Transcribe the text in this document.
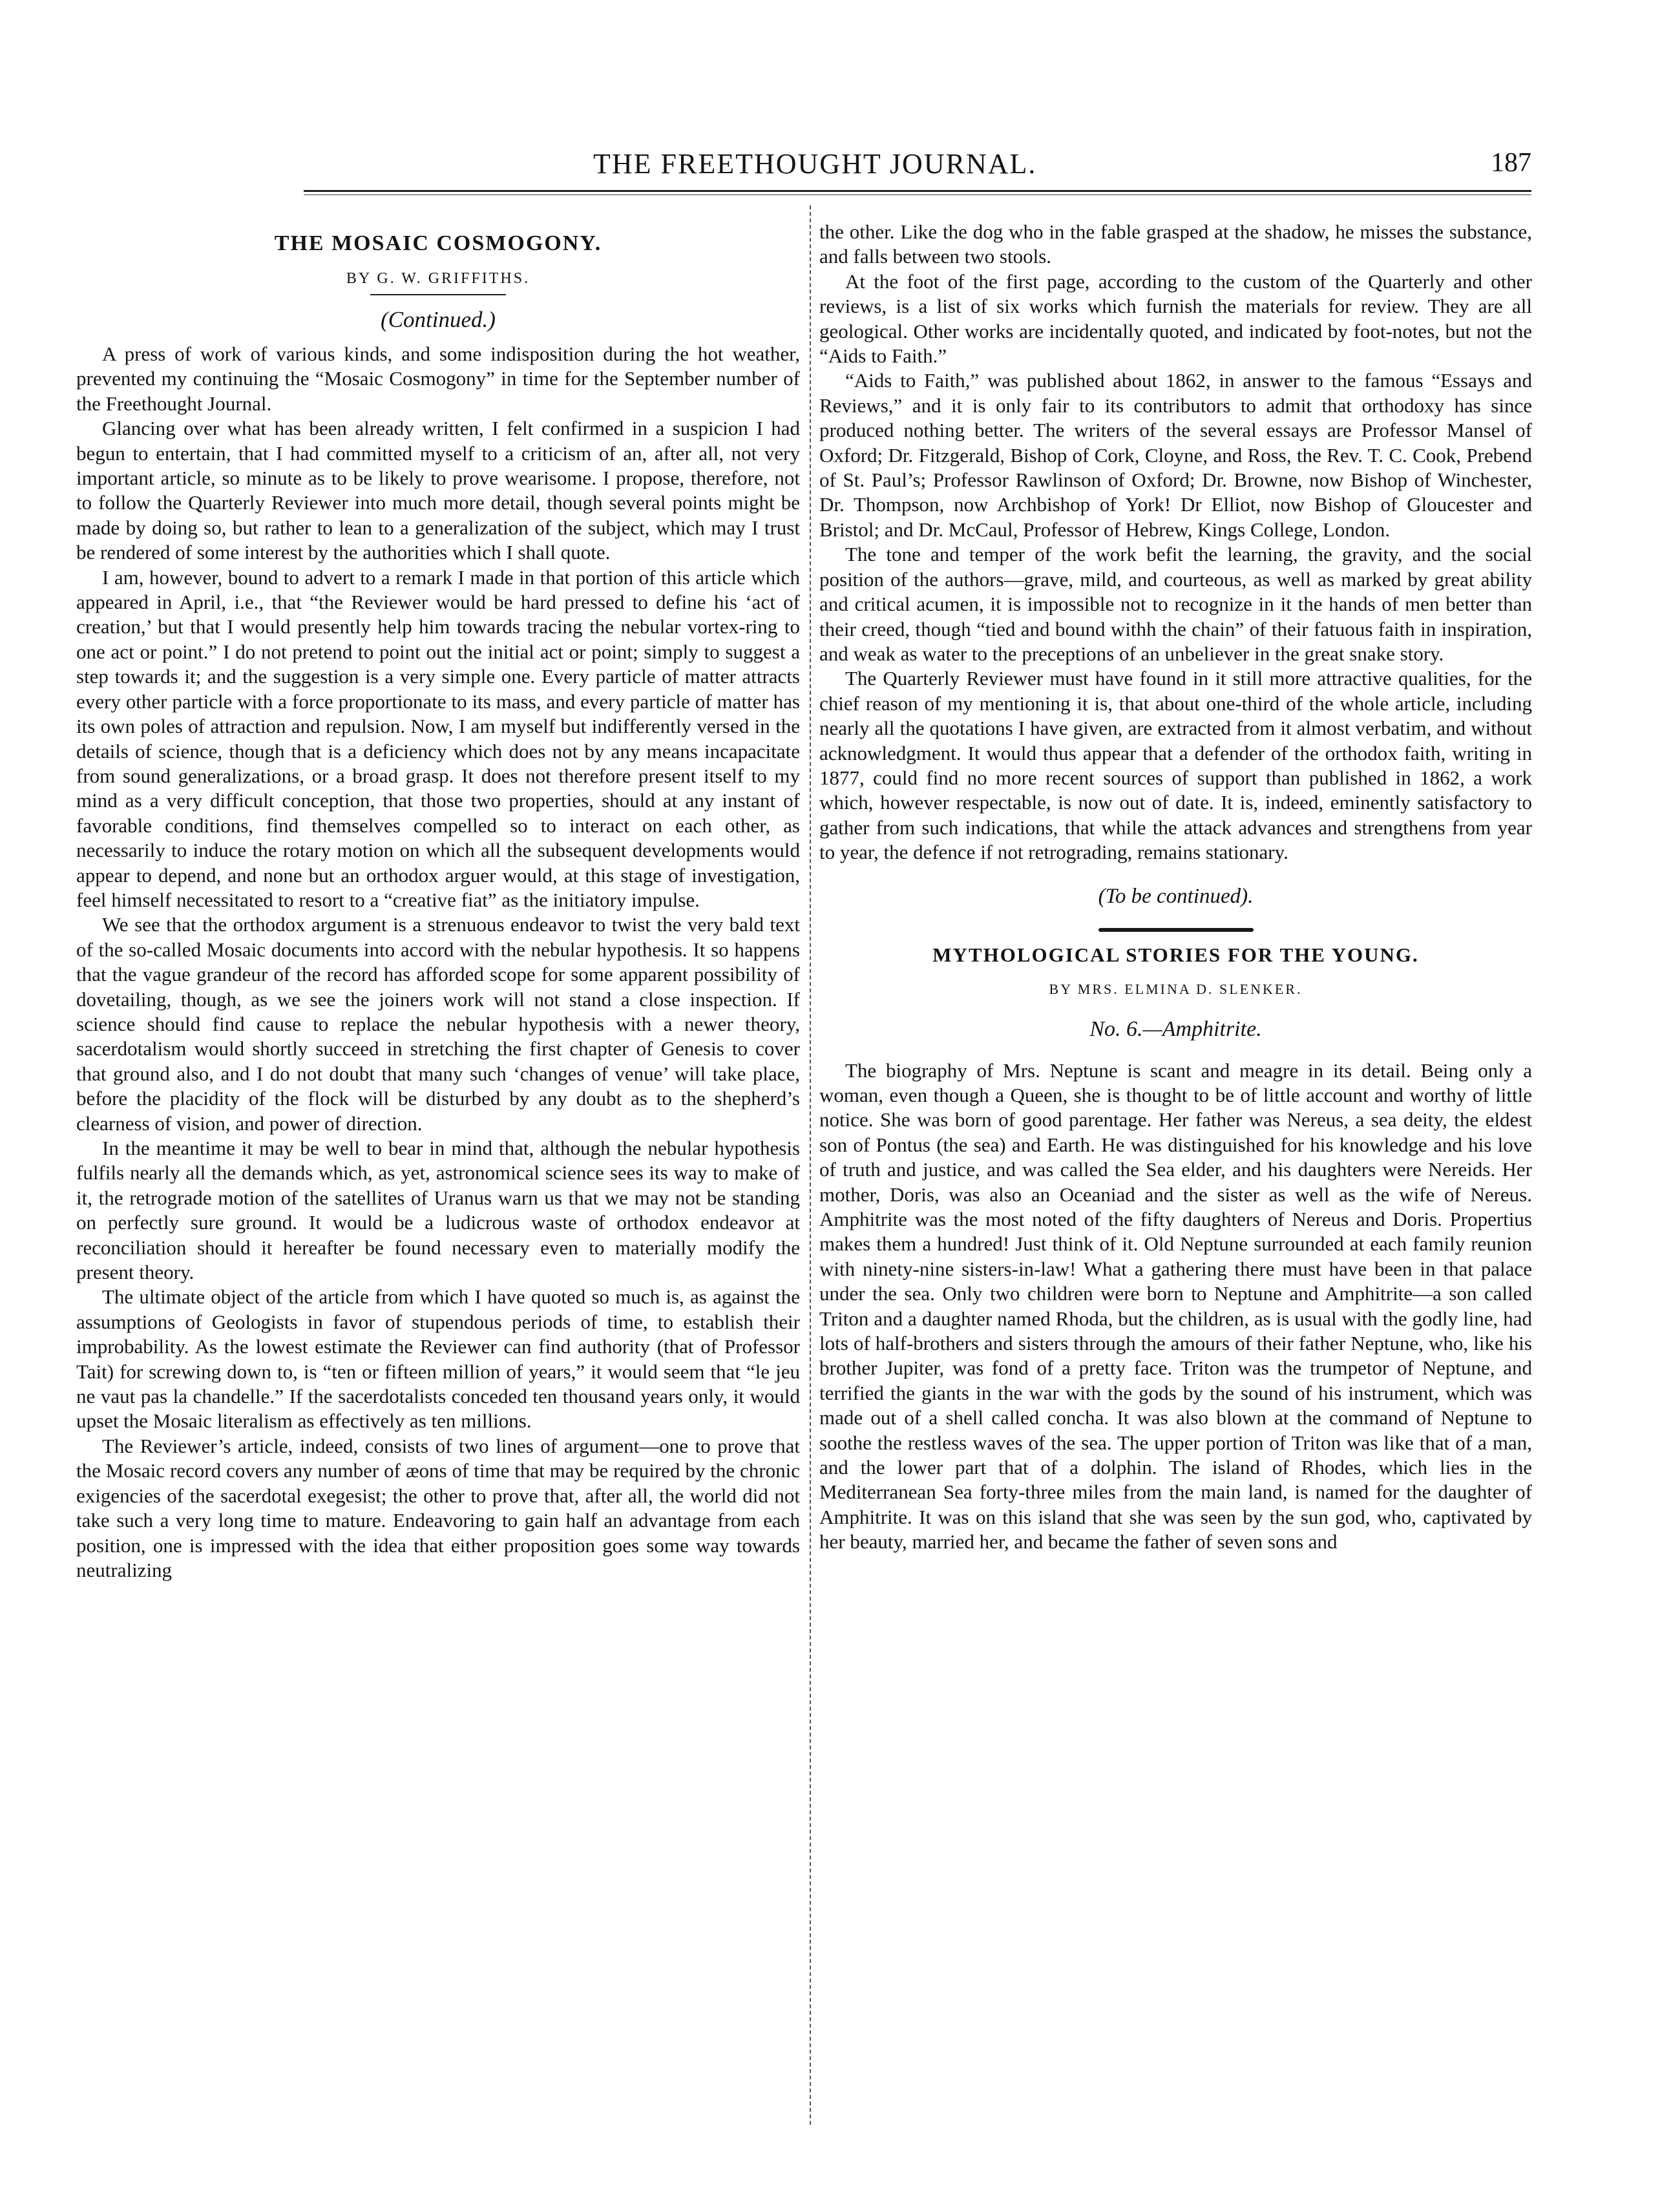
THE FREETHOUGHT JOURNAL.	187
THE MOSAIC COSMOGONY.
BY G. W. GRIFFITHS.
(Continued.)

A press of work of various kinds, and some indisposition during the hot weather, prevented my continuing the “Mosaic Cosmogony” in time for the September number of the Freethought Journal.

Glancing over what has been already written, I felt confirmed in a suspicion I had begun to entertain, that I had committed myself to a criticism of an, after all, not very important article, so minute as to be likely to prove wearisome. I propose, therefore, not to follow the Quarterly Reviewer into much more detail, though several points might be made by doing so, but rather to lean to a generalization of the subject, which may I trust be rendered of some interest by the authorities which I shall quote.

I am, however, bound to advert to a remark I made in that portion of this article which appeared in April, i.e., that “the Reviewer would be hard pressed to define his ‘act of creation,’ but that I would presently help him towards tracing the nebular vortex-ring to one act or point.” I do not pretend to point out the initial act or point; simply to suggest a step towards it; and the suggestion is a very simple one. Every particle of matter attracts every other particle with a force proportionate to its mass, and every particle of matter has its own poles of attraction and repulsion. Now, I am myself but indifferently versed in the details of science, though that is a deficiency which does not by any means incapacitate from sound generalizations, or a broad grasp. It does not therefore present itself to my mind as a very difficult conception, that those two properties, should at any instant of favorable conditions, find themselves compelled so to interact on each other, as necessarily to induce the rotary motion on which all the subsequent developments would appear to depend, and none but an orthodox arguer would, at this stage of investigation, feel himself necessitated to resort to a “creative fiat” as the initiatory impulse.

We see that the orthodox argument is a strenuous endeavor to twist the very bald text of the so-called Mosaic documents into accord with the nebular hypothesis. It so happens that the vague grandeur of the record has afforded scope for some apparent possibility of dovetailing, though, as we see the joiners work will not stand a close inspection. If science should find cause to replace the nebular hypothesis with a newer theory, sacerdotalism would shortly succeed in stretching the first chapter of Genesis to cover that ground also, and I do not doubt that many such ‘changes of venue’ will take place, before the placidity of the flock will be disturbed by any doubt as to the shepherd’s clearness of vision, and power of direction.

In the meantime it may be well to bear in mind that, although the nebular hypothesis fulfils nearly all the demands which, as yet, astronomical science sees its way to make of it, the retrograde motion of the satellites of Uranus warn us that we may not be standing on perfectly sure ground. It would be a ludicrous waste of orthodox endeavor at reconciliation should it hereafter be found necessary even to materially modify the present theory.

The ultimate object of the article from which I have quoted so much is, as against the assumptions of Geologists in favor of stupendous periods of time, to establish their improbability. As the lowest estimate the Reviewer can find authority (that of Professor Tait) for screwing down to, is “ten or fifteen million of years,” it would seem that “le jeu ne vaut pas la chandelle.” If the sacerdotalists conceded ten thousand years only, it would upset the Mosaic literalism as effectively as ten millions.

The Reviewer’s article, indeed, consists of two lines of argument—one to prove that the Mosaic record covers any number of æons of time that may be required by the chronic exigencies of the sacerdotal exegesist; the other to prove that, after all, the world did not take such a very long time to mature. Endeavoring to gain half an advantage from each position, one is impressed with the idea that either proposition goes some way towards neutralizing

the other. Like the dog who in the fable grasped at the shadow, he misses the substance, and falls between two stools.

At the foot of the first page, according to the custom of the Quarterly and other reviews, is a list of six works which furnish the materials for review. They are all geological. Other works are incidentally quoted, and indicated by foot-notes, but not the “Aids to Faith.”

“Aids to Faith,” was published about 1862, in answer to the famous “Essays and Reviews,” and it is only fair to its contributors to admit that orthodoxy has since produced nothing better. The writers of the several essays are Professor Mansel of Oxford; Dr. Fitzgerald, Bishop of Cork, Cloyne, and Ross, the Rev. T. C. Cook, Prebend of St. Paul’s; Professor Rawlinson of Oxford; Dr. Browne, now Bishop of Winchester, Dr. Thompson, now Archbishop of York! Dr Elliot, now Bishop of Gloucester and Bristol; and Dr. McCaul, Professor of Hebrew, Kings College, London.

The tone and temper of the work befit the learning, the gravity, and the social position of the authors—grave, mild, and courteous, as well as marked by great ability and critical acumen, it is impossible not to recognize in it the hands of men better than their creed, though “tied and bound withh the chain” of their fatuous faith in inspiration, and weak as water to the preceptions of an unbeliever in the great snake story.

The Quarterly Reviewer must have found in it still more attractive qualities, for the chief reason of my mentioning it is, that about one-third of the whole article, including nearly all the quotations I have given, are extracted from it almost verbatim, and without acknowledgment. It would thus appear that a defender of the orthodox faith, writing in 1877, could find no more recent sources of support than published in 1862, a work which, however respectable, is now out of date. It is, indeed, eminently satisfactory to gather from such indications, that while the attack advances and strengthens from year to year, the defence if not retrograding, remains stationary.

(To be continued).
MYTHOLOGICAL STORIES FOR THE YOUNG.
BY MRS. ELMINA D. SLENKER.
No. 6.—Amphitrite.

The biography of Mrs. Neptune is scant and meagre in its detail. Being only a woman, even though a Queen, she is thought to be of little account and worthy of little notice. She was born of good parentage. Her father was Nereus, a sea deity, the eldest son of Pontus (the sea) and Earth. He was distinguished for his knowledge and his love of truth and justice, and was called the Sea elder, and his daughters were Nereids. Her mother, Doris, was also an Oceaniad and the sister as well as the wife of Nereus. Amphitrite was the most noted of the fifty daughters of Nereus and Doris. Propertius makes them a hundred! Just think of it. Old Neptune surrounded at each family reunion with ninety-nine sisters-in-law! What a gathering there must have been in that palace under the sea. Only two children were born to Neptune and Amphitrite—a son called Triton and a daughter named Rhoda, but the children, as is usual with the godly line, had lots of half-brothers and sisters through the amours of their father Neptune, who, like his brother Jupiter, was fond of a pretty face. Triton was the trumpetor of Neptune, and terrified the giants in the war with the gods by the sound of his instrument, which was made out of a shell called concha. It was also blown at the command of Neptune to soothe the restless waves of the sea. The upper portion of Triton was like that of a man, and the lower part that of a dolphin. The island of Rhodes, which lies in the Mediterranean Sea forty-three miles from the main land, is named for the daughter of Amphitrite. It was on this island that she was seen by the sun god, who, captivated by her beauty, married her, and became the father of seven sons and
